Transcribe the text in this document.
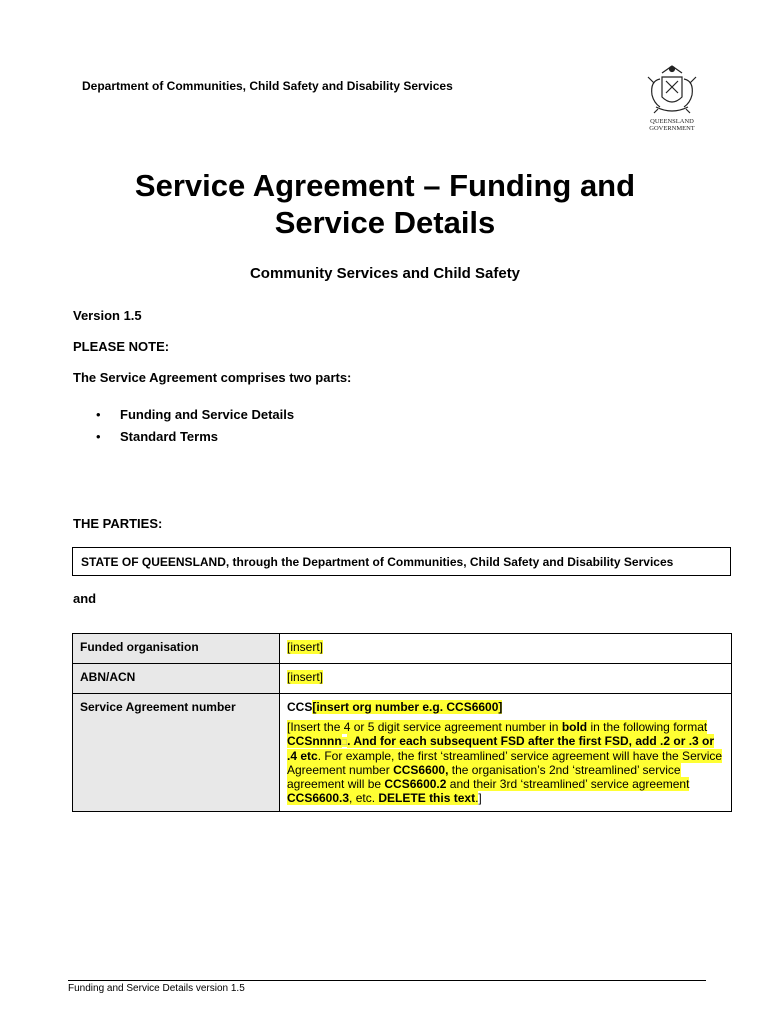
Department of Communities, Child Safety and Disability Services
QUEENSLAND
GOVERNMENT
Service Agreement – Funding and
Service Details
Community Services and Child Safety
Version 1.5
PLEASE NOTE:
The Service Agreement comprises two parts:
• Funding and Service Details
• Standard Terms
THE PARTIES:
STATE OF QUEENSLAND, through the Department of Communities, Child Safety and Disability Services
and
Funded organisation	[insert]
ABN/ACN	[insert]
Service Agreement number	CCS[insert org number e.g. CCS6600]
[Insert the 4 or 5 digit service agreement number in bold in the following format CCSnnnn□. And for each subsequent FSD after the first FSD, add .2 or .3 or .4 etc. For example, the first ‘streamlined’ service agreement will have the Service Agreement number CCS6600, the organisation’s 2nd ‘streamlined’ service agreement will be CCS6600.2 and their 3rd ‘streamlined’ service agreement CCS6600.3, etc. DELETE this text.]
Funding and Service Details version 1.5
